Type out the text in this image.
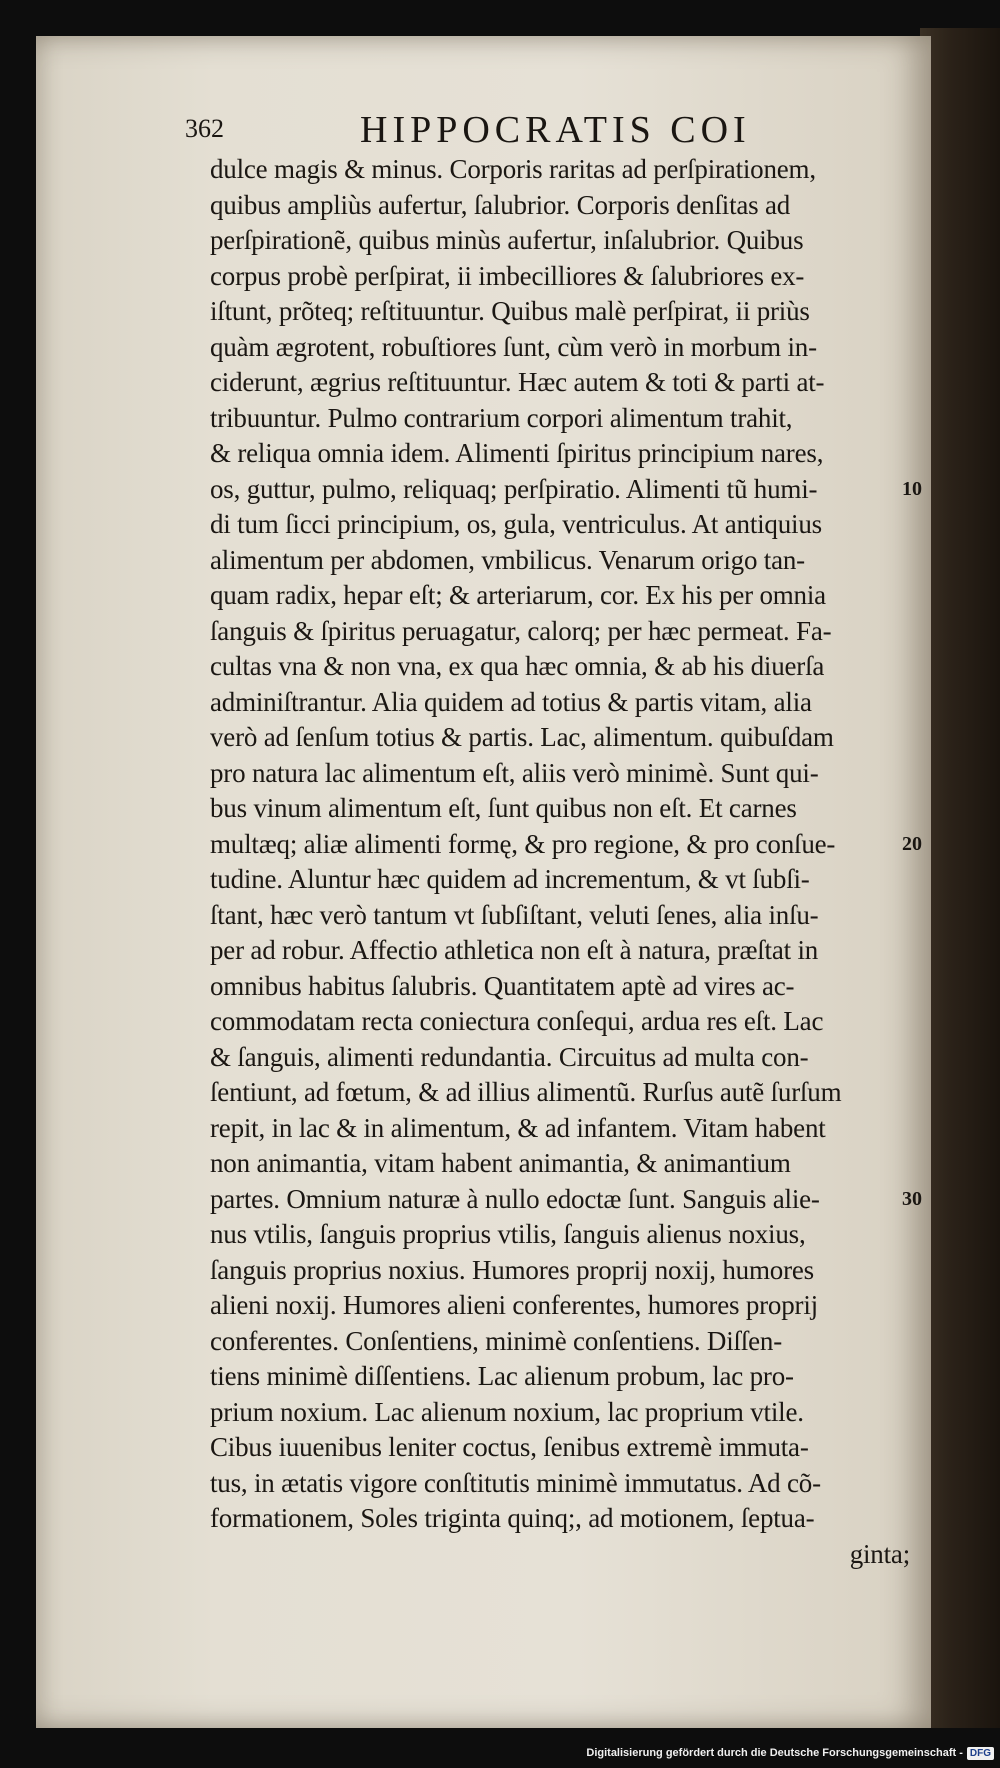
362	HIPPOCRATIS COI
dulce magis & minus. Corporis raritas ad perſpirationem,
quibus ampliùs aufertur, ſalubrior. Corporis denſitas ad
perſpirationẽ, quibus minùs aufertur, inſalubrior. Quibus
corpus probè perſpirat, ii imbecilliores & ſalubriores ex-
iſtunt, prõteq; reſtituuntur. Quibus malè perſpirat, ii priùs
quàm ægrotent, robuſtiores ſunt, cùm verò in morbum in-
ciderunt, ægrius reſtituuntur. Hæc autem & toti & parti at-
tribuuntur. Pulmo contrarium corpori alimentum trahit,
& reliqua omnia idem. Alimenti ſpiritus principium nares,
os, guttur, pulmo, reliquaq; perſpiratio. Alimenti tũ humi-
di tum ſicci principium, os, gula, ventriculus. At antiquius
alimentum per abdomen, vmbilicus. Venarum origo tan-
quam radix, hepar eſt; & arteriarum, cor. Ex his per omnia
ſanguis & ſpiritus peruagatur, calorq; per hæc permeat. Fa-
cultas vna & non vna, ex qua hæc omnia, & ab his diuerſa
adminiſtrantur. Alia quidem ad totius & partis vitam, alia
verò ad ſenſum totius & partis. Lac, alimentum. quibuſdam
pro natura lac alimentum eſt, aliis verò minimè. Sunt qui-
bus vinum alimentum eſt, ſunt quibus non eſt. Et carnes
multæq; aliæ alimenti formę, & pro regione, & pro conſue-
tudine. Aluntur hæc quidem ad incrementum, & vt ſubſi-
ſtant, hæc verò tantum vt ſubſiſtant, veluti ſenes, alia inſu-
per ad robur. Affectio athletica non eſt à natura, præſtat in
omnibus habitus ſalubris. Quantitatem aptè ad vires ac-
commodatam recta coniectura conſequi, ardua res eſt. Lac
& ſanguis, alimenti redundantia. Circuitus ad multa con-
ſentiunt, ad fœtum, & ad illius alimentũ. Rurſus autẽ ſurſum
repit, in lac & in alimentum, & ad infantem. Vitam habent
non animantia, vitam habent animantia, & animantium
partes. Omnium naturæ à nullo edoctæ ſunt. Sanguis alie-
nus vtilis, ſanguis proprius vtilis, ſanguis alienus noxius,
ſanguis proprius noxius. Humores proprij noxij, humores
alieni noxij. Humores alieni conferentes, humores proprij
conferentes. Conſentiens, minimè conſentiens. Diſſen-
tiens minimè diſſentiens. Lac alienum probum, lac pro-
prium noxium. Lac alienum noxium, lac proprium vtile.
Cibus iuuenibus leniter coctus, ſenibus extremè immuta-
tus, in ætatis vigore conſtitutis minimè immutatus. Ad cõ-
formationem, Soles triginta quinq;, ad motionem, ſeptua-
ginta;
10
20
30
Digitalisierung gefördert durch die Deutsche Forschungsgemeinschaft - DFG
